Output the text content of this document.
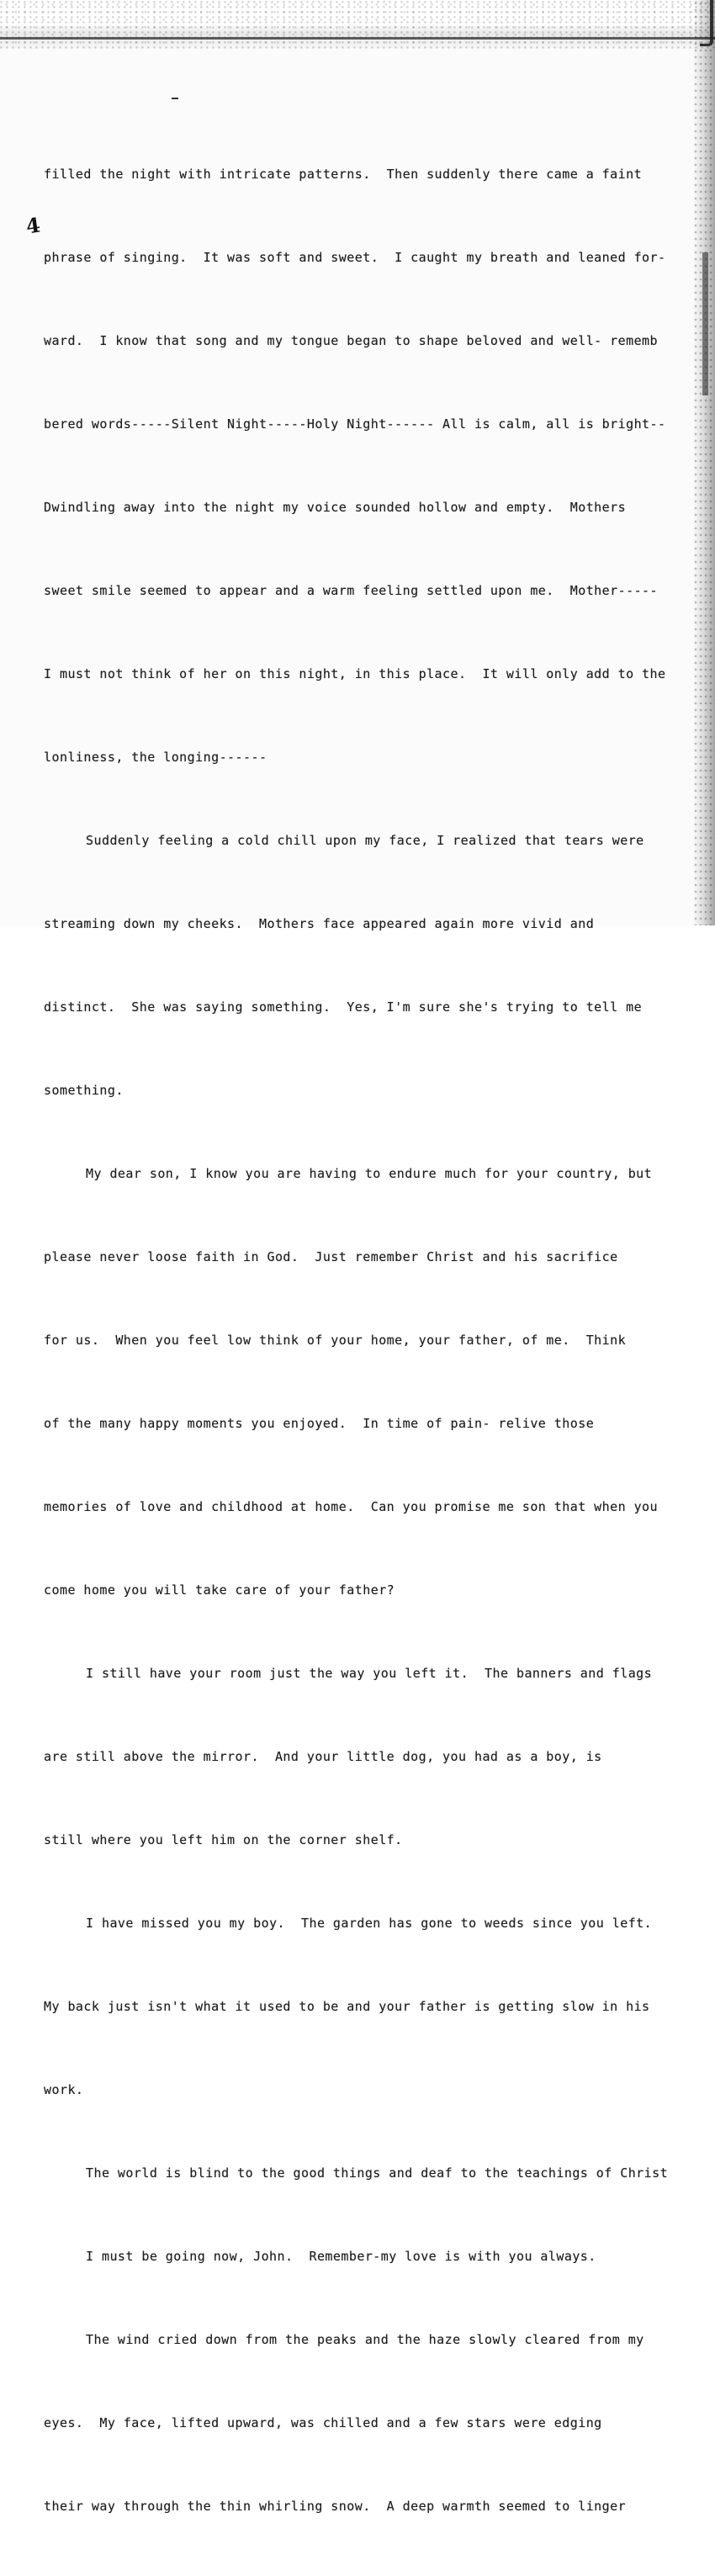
4

filled the night with intricate patterns.  Then suddenly there came a faint

phrase of singing.  It was soft and sweet.  I caught my breath and leaned for-

ward.  I know that song and my tongue began to shape beloved and well- rememb

bered words-----Silent Night-----Holy Night------ All is calm, all is bright--

Dwindling away into the night my voice sounded hollow and empty.  Mothers

sweet smile seemed to appear and a warm feeling settled upon me.  Mother-----

I must not think of her on this night, in this place.  It will only add to the

lonliness, the longing------

Suddenly feeling a cold chill upon my face, I realized that tears were

streaming down my cheeks.  Mothers face appeared again more vivid and

distinct.  She was saying something.  Yes, I'm sure she's trying to tell me

something.

My dear son, I know you are having to endure much for your country, but

please never loose faith in God.  Just remember Christ and his sacrifice

for us.  When you feel low think of your home, your father, of me.  Think

of the many happy moments you enjoyed.  In time of pain- relive those

memories of love and childhood at home.  Can you promise me son that when you

come home you will take care of your father?

I still have your room just the way you left it.  The banners and flags

are still above the mirror.  And your little dog, you had as a boy, is

still where you left him on the corner shelf.

I have missed you my boy.  The garden has gone to weeds since you left.

My back just isn't what it used to be and your father is getting slow in his

work.

The world is blind to the good things and deaf to the teachings of Christ

I must be going now, John.  Remember-my love is with you always.

The wind cried down from the peaks and the haze slowly cleared from my

eyes.  My face, lifted upward, was chilled and a few stars were edging

their way through the thin whirling snow.  A deep warmth seemed to linger
